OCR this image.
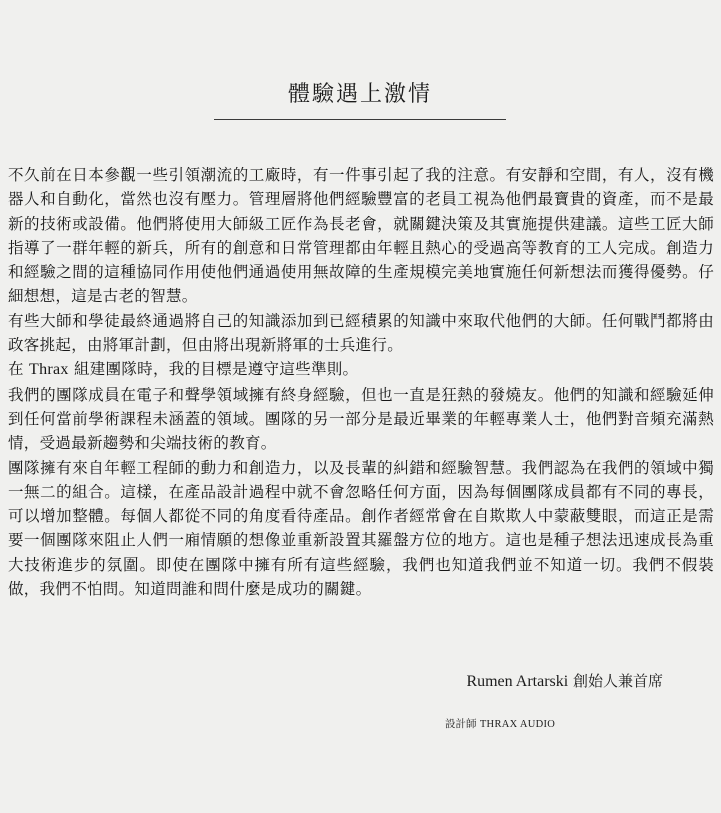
體驗遇上激情

不久前在日本參觀一些引領潮流的工廠時，有一件事引起了我的注意。有安靜和空間，有人，沒有機器人和自動化，當然也沒有壓力。管理層將他們經驗豐富的老員工視為他們最寶貴的資產，而不是最新的技術或設備。他們將使用大師級工匠作為長老會，就關鍵決策及其實施提供建議。這些工匠大師指導了一群年輕的新兵，所有的創意和日常管理都由年輕且熱心的受過高等教育的工人完成。創造力和經驗之間的這種協同作用使他們通過使用無故障的生產規模完美地實施任何新想法而獲得優勢。仔細想想，這是古老的智慧。

有些大師和學徒最終通過將自己的知識添加到已經積累的知識中來取代他們的大師。任何戰鬥都將由政客挑起，由將軍計劃，但由將出現新將軍的士兵進行。

在 Thrax 組建團隊時，我的目標是遵守這些準則。

我們的團隊成員在電子和聲學領域擁有終身經驗，但也一直是狂熱的發燒友。他們的知識和經驗延伸到任何當前學術課程未涵蓋的領域。團隊的另一部分是最近畢業的年輕專業人士，他們對音頻充滿熱情，受過最新趨勢和尖端技術的教育。

團隊擁有來自年輕工程師的動力和創造力，以及長輩的糾錯和經驗智慧。我們認為在我們的領域中獨一無二的組合。這樣，在產品設計過程中就不會忽略任何方面，因為每個團隊成員都有不同的專長，可以增加整體。每個人都從不同的角度看待產品。創作者經常會在自欺欺人中蒙蔽雙眼，而這正是需要一個團隊來阻止人們一廂情願的想像並重新設置其羅盤方位的地方。這也是種子想法迅速成長為重大技術進步的氛圍。即使在團隊中擁有所有這些經驗，我們也知道我們並不知道一切。我們不假裝做，我們不怕問。知道問誰和問什麼是成功的關鍵。

Rumen Artarski 創始人兼首席
設計師 THRAX AUDIO
